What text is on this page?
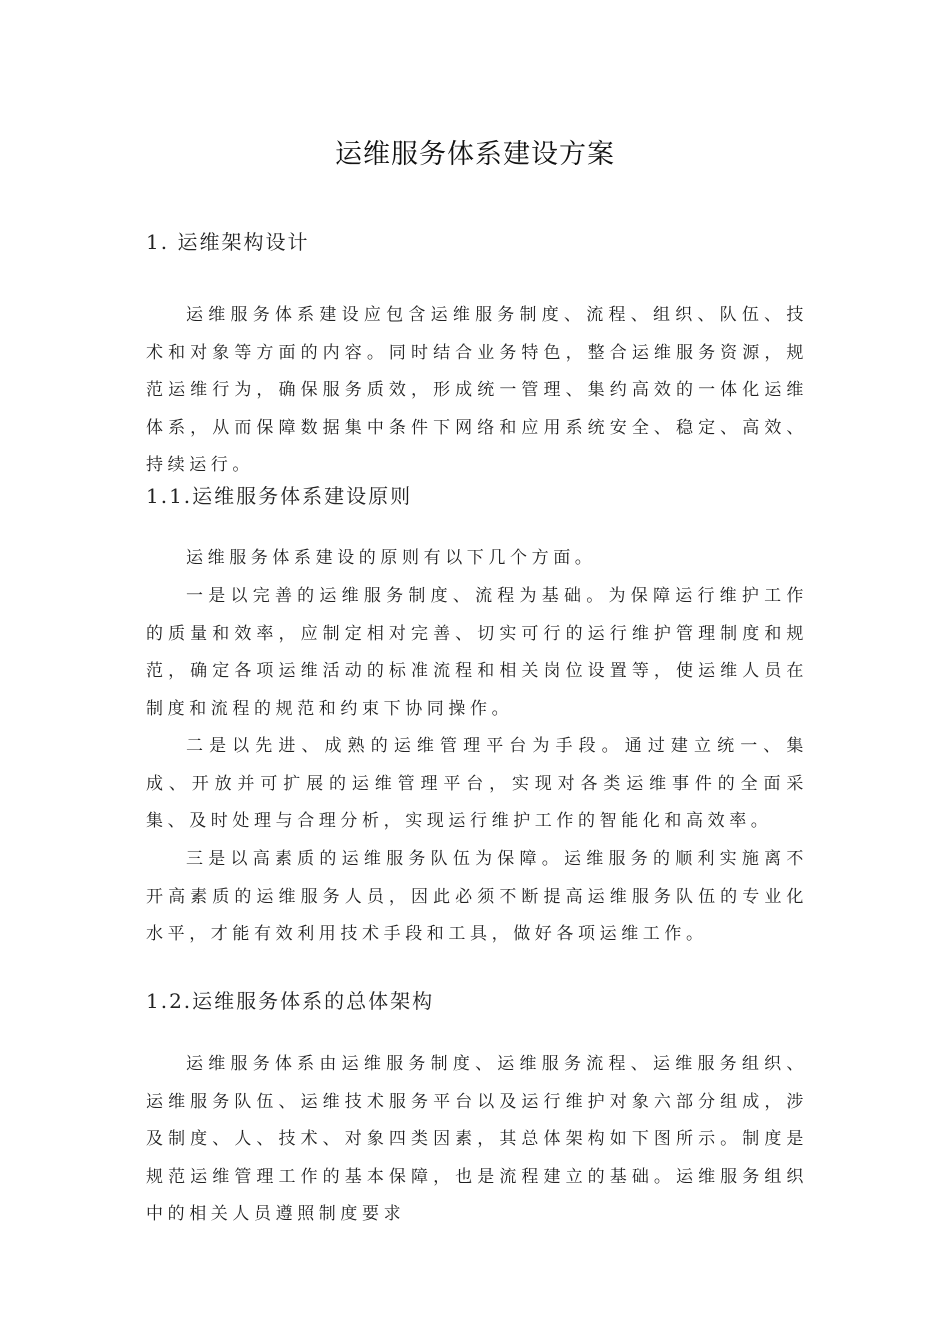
运维服务体系建设方案
1. 运维架构设计

运维服务体系建设应包含运维服务制度、流程、组织、队伍、技术和对象等方面的内容。同时结合业务特色，整合运维服务资源，规范运维行为，确保服务质效，形成统一管理、集约高效的一体化运维体系，从而保障数据集中条件下网络和应用系统安全、稳定、高效、持续运行。

1.1.运维服务体系建设原则

运维服务体系建设的原则有以下几个方面。

一是以完善的运维服务制度、流程为基础。为保障运行维护工作的质量和效率，应制定相对完善、切实可行的运行维护管理制度和规范，确定各项运维活动的标准流程和相关岗位设置等，使运维人员在制度和流程的规范和约束下协同操作。

二是以先进、成熟的运维管理平台为手段。通过建立统一、集成、开放并可扩展的运维管理平台，实现对各类运维事件的全面采集、及时处理与合理分析，实现运行维护工作的智能化和高效率。

三是以高素质的运维服务队伍为保障。运维服务的顺利实施离不开高素质的运维服务人员，因此必须不断提高运维服务队伍的专业化水平，才能有效利用技术手段和工具，做好各项运维工作。

1.2.运维服务体系的总体架构

运维服务体系由运维服务制度、运维服务流程、运维服务组织、运维服务队伍、运维技术服务平台以及运行维护对象六部分组成，涉及制度、人、技术、对象四类因素，其总体架构如下图所示。制度是规范运维管理工作的基本保障，也是流程建立的基础。运维服务组织中的相关人员遵照制度要求
